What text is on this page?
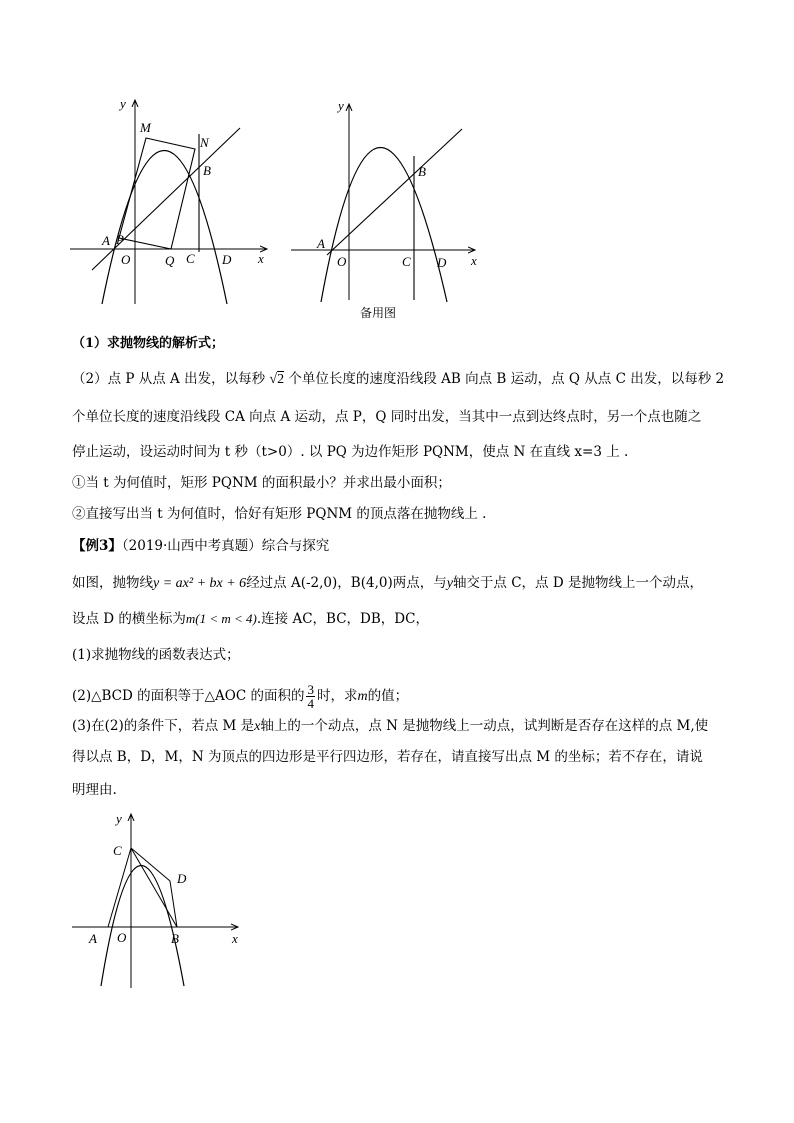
y
x
M
N
B
A P
O	Q C D
y
x
B
A
O	C D
备用图
（1）求抛物线的解析式；
（2）点 P 从点 A 出发，以每秒 √2 个单位长度的速度沿线段 AB 向点 B 运动，点 Q 从点 C 出发，以每秒 2
个单位长度的速度沿线段 CA 向点 A 运动，点 P，Q 同时出发，当其中一点到达终点时，另一个点也随之
停止运动，设运动时间为 t 秒（t>0）. 以 PQ 为边作矩形 PQNM，使点 N 在直线 x=3 上 .
①当 t 为何值时，矩形 PQNM 的面积最小？并求出最小面积；
②直接写出当 t 为何值时，恰好有矩形 PQNM 的顶点落在抛物线上 .
【例3】（2019·山西中考真题）综合与探究
如图，抛物线y = ax² + bx + 6经过点 A(-2,0)，B(4,0)两点，与y轴交于点 C，点 D 是抛物线上一个动点，
设点 D 的横坐标为m(1 < m < 4).连接 AC，BC，DB，DC，
(1)求抛物线的函数表达式；
(2)△BCD 的面积等于△AOC 的面积的 $\frac{3}{4}$ 时，求m的值；
(3)在(2)的条件下，若点 M 是x轴上的一个动点，点 N 是抛物线上一动点，试判断是否存在这样的点 M,使
得以点 B，D，M，N 为顶点的四边形是平行四边形，若存在，请直接写出点 M 的坐标；若不存在，请说
明理由.
y
x
C
D
A O	B
